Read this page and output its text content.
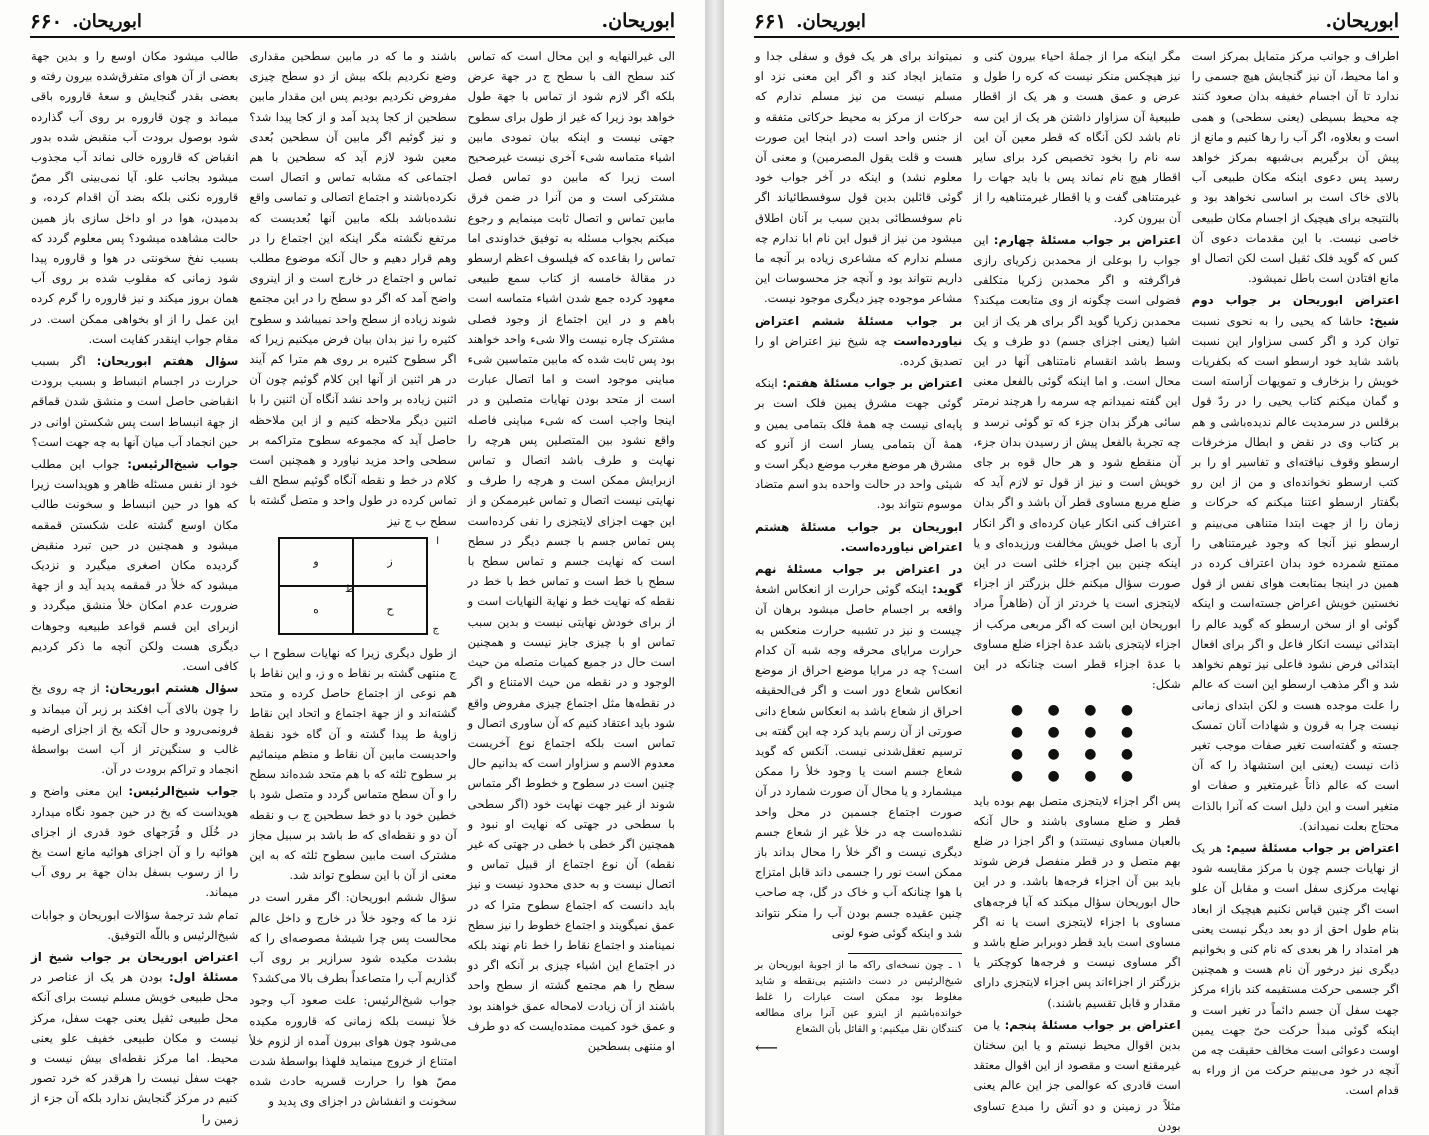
۶۶۰ ابوریحان.	ابوریحان.
الی غیرالنهایه و این محال است که تماس کند سطح الف با سطح ج در جهة عرض بلکه اگر لازم شود از تماس با جهة طول خواهد بود زیرا که غیر از طول برای سطوح جهتی نیست و اینکه بیان نمودی مابین اشیاء متماسه شیء آخری نیست غیرصحیح است زیرا که مابین دو تماس فصل مشترکی است و من آنرا در ضمن فرق مابین تماس و اتصال ثابت مینمایم و رجوع میکنم بجواب مسئله به توفیق خداوندی اما تماس را بقاعده که فیلسوف اعظم ارسطو در مقالهٔ خامسه از کتاب سمع طبیعی معهود کرده جمع شدن اشیاء متماسه است باهم و در این اجتماع از وجود فصلی مشترک چاره نیست والا شیء واحد خواهند بود پس ثابت شده که مابین متماسین شیء مباینی موجود است و اما اتصال عبارت است از متحد بودن نهایات متصلین و در اینجا واجب است که شیء مباینی فاصله واقع نشود بین المتصلین پس هرچه را نهایت و طرف باشد اتصال و تماس ازبرایش ممکن است و هرچه را طرف و نهایتی نیست اتصال و تماس غیرممکن و از این جهت اجزای لایتجزی را نفی کرده‌است پس تماس جسم با جسم دیگر در سطح است که نهایت جسم و تماس سطح با سطح با خط است و تماس خط با خط در نقطه که نهایت خط و نهایة النهایات است و از برای خودش نهایتی نیست و بدین سبب تماس او با چیزی جایز نیست و همچنین است حال در جمیع کمیات متصله من حیث الوجود و در نقطه من حیث الامتناع و اگر در نقطه‌ها مثل اجتماع چیزی مفروض واقع شود باید اعتقاد کنیم که آن ساوری اتصال و تماس است بلکه اجتماع نوع آخریست معدوم الاسم و سزاوار است که بدانیم حال چنین است در سطوح و خطوط اگر متماس شوند از غیر جهت نهایت خود (اگر سطحی با سطحی در جهتی که نهایت او نبود و همچنین اگر خطی با خطی در جهتی که غیر نقطه) آن نوع اجتماع از قبیل تماس و اتصال نیست و به حدی محدود نیست و نیز باید دانست که اجتماع سطوح مترا که در عمق نمیگویند و اجتماع خطوط را نیز سطح نمینامند و اجتماع نقاط را خط نام نهند بلکه در اجتماع این اشیاء چیزی بر آنکه اگر دو سطح را هم مجتمع گشته از سطح واحد باشند از آن زیادت لامحاله عمق خواهند بود و عمق خود کمیت ممتده‌ایست که دو طرف او منتهی بسطحین
باشند و ما که در مابین سطحین مقداری وضع نکردیم بلکه بیش از دو سطح چیزی مفروض نکردیم بودیم پس این مقدار مابین سطحین از کجا پدید آمد و از کجا پیدا شد؟ و نیز گوئیم اگر مابین آن سطحین بُعدی معین شود لازم آید که سطحین با هم اجتماعی که مشابه تماس و اتصال است نکرده‌باشند و اجتماع اتصالی و تماسی واقع نشده‌باشد بلکه مابین آنها بُعدیست که مرتفع نگشته مگر اینکه این اجتماع را در وهم قرار دهیم و حال آنکه موضوع مطلب تماس و اجتماع در خارج است و از اینروی واضح آمد که اگر دو سطح را در این مجتمع شوند زیاده از سطح واحد نمیباشد و سطوح کثیره را نیز بدان بیان فرض میکنیم زیرا که اگر سطوح کثیره بر روی هم مترا کم آیند در هر اثنین از آنها این کلام گوئیم چون آن اثنین زیاده بر واحد نشد آنگاه آن اثنین را با اثنین دیگر ملاحظه کنیم و از این ملاحظه حاصل آید که مجموعه سطوح متراکمه بر سطحی واحد مزید نیاورد و همچنین است کلام در خط و نقطه آنگاه گوئیم سطح الف تماس کرده در طول واحد و متصل گشته با سطح ب ج نیز
و	ز
ه	ح
ا
ج
ط
از طول دیگری زیرا که نهایات سطوح ا ب ج منتهی گشته بر نقاط ه و ز، و این نقاط با هم نوعی از اجتماع حاصل کرده و متحد گشته‌اند و از جهة اجتماع و اتحاد این نقاط زاویهٔ ط پیدا گشته و آن گاه خود نقطهٔ واحدیست مابین آن نقاط و منظم مینمائیم بر سطوح ثلثه که با هم متحد شده‌اند سطح را و آن سطح متماس گردد و متصل شود با خطین خود با دو خط سطحین ج ب و نقطه آن دو و نقطه‌ای که ط باشد بر سبیل مجاز مشترک است مابین سطوح ثلثه که به این معنی از آن با این سطوح تواند شد.
سؤال ششم ابوریحان: اگر مقرر است در نزد ما که وجود خلأ در خارج و داخل عالم محالست پس چرا شیشهٔ مصوصه‌ای را که بشدت مکیده شود سرازیر بر روی آب گذاریم آب را متصاعداً بطرف بالا می‌کشد؟
جواب شیخ‌الرئیس: علت صعود آب وجود خلأ نیست بلکه زمانی که قاروره مکیده می‌شود چون هوای بیرون آمده از لزوم خلأ امتناع از خروج مینماید فلهذا بواسطهٔ شدت مصّ هوا را حرارت قسریه حادث شده سخونت و انفشاش در اجزای وی پدید و
طالب میشود مکان اوسع را و بدین جهة بعضی از آن هوای متفرق‌شده بیرون رفته و بعضی بقدر گنجایش و سعهٔ قاروره باقی میماند و چون قاروره بر روی آب گذارده شود بوصول برودت آب منقبض شده بدور انقباض که قاروره خالی نماند آب مجذوب میشود بجانب علو. آیا نمی‌بینی اگر مصّ قاروره نکنی بلکه بضد آن اقدام کرده، و بدمیدن، هوا در او داخل سازی باز همین حالت مشاهده میشود؟ پس معلوم گردد که بسبب نفخ سخونتی در هوا و قاروره پیدا شود زمانی که مقلوب شده بر روی آب همان بروز میکند و نیز قاروره را گرم کرده این عمل را از او بخواهی ممکن است. در مقام جواب اینقدر کفایت است.
سؤال هفتم ابوریحان: اگر بسبب حرارت در اجسام انبساط و بسبب برودت انقباضی حاصل است و منشق شدن قماقم از جهة انبساط است پس شکستن اوانی در حین انجماد آب میان آنها به چه جهت است؟
جواب شیخ‌الرئیس: جواب این مطلب خود از نفس مسئله ظاهر و هویداست زیرا که هوا در حین انبساط و سخونت طالب مکان اوسع گشته علت شکستن قمقمه میشود و همچنین در حین تبرد منقبض گردیده مکان اصغری میگیرد و نزدیک میشود که خلأ در قمقمه پدید آید و از جهة ضرورت عدم امکان خلأ منشق میگردد و ازبرای این قسم قواعد طبیعیه وجوهات دیگری هست ولکن آنچه ما ذکر کردیم کافی است.
سؤال هشتم ابوریحان: از چه روی یخ را چون بالای آب افکند بر زبر آن میماند و فرونمی‌رود و حال آنکه یخ از اجزای ارضیه غالب و سنگین‌تر از آب است بواسطهٔ انجماد و تراکم برودت در آن.
جواب شیخ‌الرئیس: این معنی واضح و هویداست که یخ در حین جمود نگاه میدارد در خُلَل و فُرَجهای خود قدری از اجزای هوائیه را و آن اجزای هوائیه مانع است یخ را از رسوب بسفل بدان جهة بر روی آب میماند.
تمام شد ترجمهٔ سؤالات ابوریحان و جوابات شیخ‌الرئیس و باللّه التوفیق.
اعتراض ابوریحان بر جواب شیخ از مسئلهٔ اول: بودن هر یک از عناصر در محل طبیعی خویش مسلم نیست برای آنکه محل طبیعی ثقیل یعنی جهت سفل، مرکز نیست و مکان طبیعی خفیف علو یعنی محیط. اما مرکز نقطه‌ای بیش نیست و جهت سفل نیست را هرقدر که خرد تصور کنیم در مرکز گنجایش ندارد بلکه آن جزء از زمین را
۶۶۱ ابوریحان.	ابوریحان.
اطراف و جوانب مرکز متمایل بمرکز است و اما محیط، آن نیز گنجایش هیچ جسمی را ندارد تا آن اجسام خفیفه بدان صعود کنند چه محیط بسیطی (یعنی سطحی) و همی است و بعلاوه، اگر آب را رها کنیم و مانع از پیش آن برگیریم بی‌شبهه بمرکز خواهد رسید پس دعوی اینکه مکان طبیعی آب بالای خاک است بر اساسی نخواهد بود و بالنتیجه برای هیچیک از اجسام مکان طبیعی خاصی نیست. با این مقدمات دعوی آن کس که گوید فلک ثقیل است لکن اتصال او مانع افتادن است باطل نمیشود.
اعتراض ابوریحان بر جواب دوم شیخ: حاشا که یحیی را به نحوی نسبت توان کرد و اگر کسی سزاوار این نسبت باشد شاید خود ارسطو است که بکفریات خویش را بزخارف و تمویهات آراسته است و گمان میکنم کتاب یحیی را در ردّ قول برقلس در سرمدیت عالم ندیده‌باشی و هم بر کتاب وی در نقض و ابطال مزخرفات ارسطو وقوف نیافته‌ای و تفاسیر او را بر کتب ارسطو نخوانده‌ای و من از این رو بگفتار ارسطو اعتنا میکنم که حرکات و زمان را از جهت ابتدا متناهی می‌بینم و ارسطو نیز آنجا که وجود غیرمتناهی را ممتنع شمرده خود بدان اعتراف کرده در همین در اینجا بمتابعت هوای نفس از قول نخستین خویش اعراض جسته‌است و اینکه گوئی او از سخن ارسطو که گوید عالم را ابتدائی نیست انکار فاعل و اگر برای افعال ابتدائی فرض نشود فاعلی نیز توهم نخواهد شد و اگر مذهب ارسطو این است که عالم را علت موجده هست و لکن ابتدای زمانی نیست چرا به قرون و شهادات آنان تمسک جسته و گفته‌است تغیر صفات موجب تغیر ذات نیست (یعنی این استشهاد را که آن است که عالم ذاتاً غیرمتغیر و صفات او متغیر است و این دلیل است که آنرا بالذات محتاج بعلت نمیداند).
اعتراض بر جواب مسئلهٔ سیم: هر یک از نهایات جسم چون با مرکز مقایسه شود نهایت مرکزی سفل است و مقابل آن علو است اگر چنین قیاس نکنیم هیچیک از ابعاد بنام طول احق از دو بعد دیگر نیست یعنی هر امتداد را هر بعدی که نام کنی و بخوانیم دیگری نیز درخور آن نام هست و همچنین اگر جسمی حرکت مستقیمه کند بازاء مرکز جهت سفل آن جسم دائماً در تغیر است و اینکه گوئی مبدأ حرکت حیّ جهت یمین اوست دعوائی است مخالف حقیقت چه من آنچه در خود می‌بینم حرکت من از وراء به قدام است.
مگر اینکه مرا از جملهٔ احیاء بیرون کنی و نیز هیچکس منکر نیست که کره را طول و عرض و عمق هست و هر یک از اقطار طبیعیهٔ آن سزاوار داشتن هر یک از این سه نام باشد لکن آنگاه که قطر معین آن این سه نام را بخود تخصیص کرد برای سایر اقطار هیچ نام نماند پس با باید جهات را غیرمتناهی گفت و یا اقطار غیرمتناهیه را از آن بیرون کرد.
اعتراض بر جواب مسئلهٔ چهارم: این جواب را بوعلی از محمدبن زکریای رازی فراگرفته و اگر محمدبن زکریا متکلفی فضولی است چگونه از وی متابعت میکند؟ محمدبن زکریا گوید اگر برای هر یک از این اشیا (یعنی اجزای جسم) دو طرف و یک وسط باشد انقسام نامتناهی آنها در این محال است. و اما اینکه گوئی بالفعل معنی این گفته نمیدانم چه سرمه را هرچند نرمتر سائی هرگز بدان جزء که تو گوئی نرسد و چه تجربهٔ بالفعل پیش از رسیدن بدان جزء، آن منقطع شود و هر حال قوه بر جای خویش است و نیز از قول تو لازم آید که ضلع مربع مساوی قطر آن باشد و اگر بدان اعتراف کنی انکار عیان کرده‌ای و اگر انکار آری با اصل خویش مخالفت ورزیده‌ای و یا اینکه چنین بین اجزاء خلئی است در این صورت سؤال میکنم خلل بزرگتر از اجزاء لایتجزی است یا خردتر از آن (ظاهراً مراد ابوریحان این است که اگر مربعی مرکب از اجزاء لایتجزی باشد عدهٔ اجزاء ضلع مساوی با عدهٔ اجزاء قطر است چنانکه در این شکل:
● ● ● ●
● ● ● ●
● ● ● ●
● ● ● ●
پس اگر اجزاء لایتجزی متصل بهم بوده باید قطر و ضلع مساوی باشند و حال آنکه بالعیان مساوی نیستند) و اگر اجزا در ضلع بهم متصل و در قطر منفصل فرض شوند باید بین آن اجزاء فرجه‌ها باشد. و در این حال ابوریحان سؤال میکند که آیا فرجه‌های مساوی با اجزاء لایتجزی است یا نه اگر مساوی است باید قطر دوبرابر ضلع باشد و اگر مساوی نیست و فرجه‌ها کوچکتر یا بزرگتر از اجزاء‌اند پس اجزاء لایتجزی دارای مقدار و قابل تقسیم باشند.)
اعتراض بر جواب مسئلهٔ پنجم: یا من بدین اقوال محیط نیستم و یا این سخنان غیرمقنع است و مقصود از این اقوال معتقد است قادری که عوالمی جز این عالم یعنی مثلاً در زمینن و دو آتش را مبدع تساوی بودن
نمیتواند برای هر یک فوق و سفلی جدا و متمایز ایجاد کند و اگر این معنی نزد او مسلم نیست من نیز مسلم ندارم که حرکات از مرکز به محیط حرکاتی متفقه و از جنس واحد است (در اینجا این صورت هست و قلت یقول المصرمین) و معنی آن معلوم نشد) و اینکه در آخر جواب خود گوئی قائلین بدین قول سوفسطائیاند اگر نام سوفسطائی بدین سبب بر آنان اطلاق میشود من نیز از قبول این نام ابا ندارم چه مسلم ندارم که مشاعری زیاده بر آنچه ما داریم نتواند بود و آنچه جز محسوسات این مشاعر موجوده چیز دیگری موجود نیست.
بر جواب مسئلهٔ ششم اعتراض نیاورده‌است چه شیخ نیز اعتراض او را تصدیق کرده.
اعتراض بر جواب مسئلهٔ هفتم: اینکه گوئی جهت مشرق یمین فلک است بر پایه‌ای نیست چه همهٔ فلک بتمامی یمین و همهٔ آن بتمامی یسار است از آنرو که مشرق هر موضع مغرب موضع دیگر است و شیئی واحد در حالت واحده بدو اسم متضاد موسوم نتواند بود.
ابوریحان بر جواب مسئلهٔ هشتم اعتراض نیاورده‌است.
در اعتراض بر جواب مسئلهٔ نهم گوید: اینکه گوئی حرارت از انعکاس اشعهٔ واقعه بر اجسام حاصل میشود برهان آن چیست و نیز در تشبیه حرارت منعکس به حرارت مرایای محرقه وجه شبه آن کدام است؟ چه در مرایا موضع احراق از موضع انعکاس شعاع دور است و اگر فی‌الحقیقه احراق از شعاع باشد به انعکاس شعاع دانی صورتی از آن رسم باید کرد چه این گفته بی ترسیم تعقل‌شدنی نیست. آنکس که گوید شعاع جسم است یا وجود خلأ را ممکن میشمارد و یا محال آن صورت شمارد در آن صورت اجتماع جسمین در محل واحد نشده‌است چه در خلأ غیر از شعاع جسم دیگری نیست و اگر خلأ را محال بداند باز ممکن است نور را جسمی داند قابل امتزاج با هوا چنانکه آب و خاک در گل، چه صاحب چنین عقیده جسم بودن آب را منکر نتواند شد و اینکه گوئی ضوء لونی
۱ ـ چون نسخه‌ای راکه ما از اجوبهٔ ابوریحان بر شیخ‌الرئیس در دست داشتیم بی‌نقطه و شاید مغلوط بود ممکن است عبارات را غلط خوانده‌باشیم از اینرو عین آنرا برای مطالعه کنندگان نقل میکنیم: و القائل بأن الشعاع
⟵
